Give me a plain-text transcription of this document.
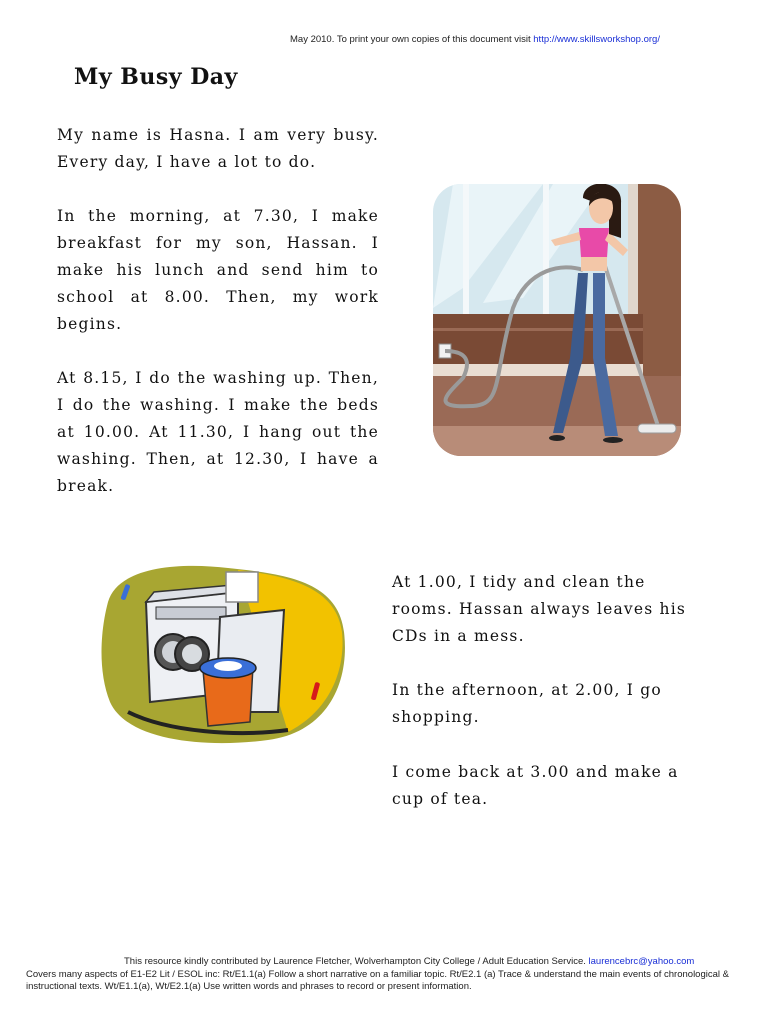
May 2010. To print your own copies of this document visit http://www.skillsworkshop.org/
My Busy Day

My name is Hasna. I am very busy. Every day, I have a lot to do.

In the morning, at 7.30, I make breakfast for my son, Hassan. I make his lunch and send him to school at 8.00. Then, my work begins.

At 8.15, I do the washing up. Then, I do the washing. I make the beds at 10.00. At 11.30, I hang out the washing. Then, at 12.30, I have a break.

At 1.00, I tidy and clean the rooms. Hassan always leaves his CDs in a mess.

In the afternoon, at 2.00, I go shopping.

I come back at 3.00 and make a cup of tea.

This resource kindly contributed by Laurence Fletcher, Wolverhampton City College / Adult Education Service. laurencebrc@yahoo.com
Covers many aspects of E1-E2 Lit / ESOL inc: Rt/E1.1(a) Follow a short narrative on a familiar topic. Rt/E2.1 (a) Trace & understand the main events of chronological & instructional texts. Wt/E1.1(a), Wt/E2.1(a) Use written words and phrases to record or present information.
